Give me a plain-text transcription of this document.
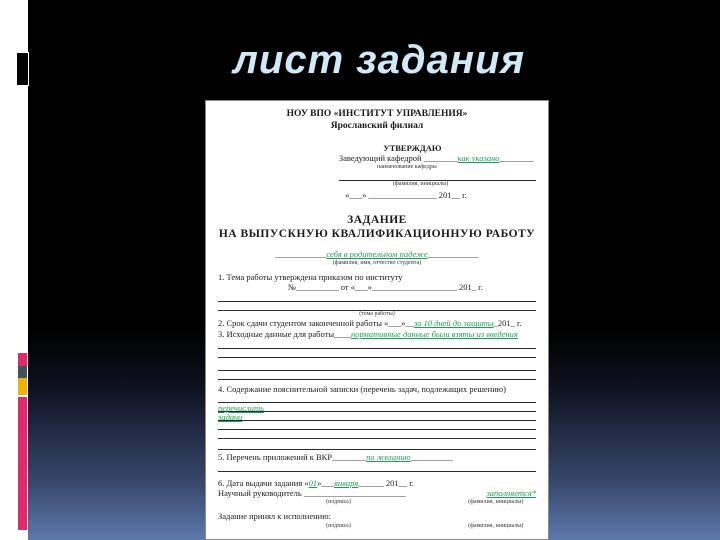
лист задания
НОУ ВПО «ИНСТИТУТ УПРАВЛЕНИЯ»
Ярославский филиал
УТВЕРЖДАЮ
Заведующий кафедрой ________как указано________
наименование кафедры
(фамилия, инициалы)
«___» ________________ 201__ г.
ЗАДАНИЕ
НА ВЫПУСКНУЮ КВАЛИФИКАЦИОННУЮ РАБОТУ
____________себя в родительном падеже____________
(фамилия, имя, отчество студента)
1. Тема работы утверждена приказом по институту
№__________ от «___»____________________ 201_ г.
(тема работы)
2. Срок сдачи студентом законченной работы «___»__за 10 дней до защиты_201_ г.
3. Исходные данные для работы____нормативные данные были взяты из введения
4. Содержание пояснительной записки (перечень задач, подлежащих решению)
перечислить
задачи
5. Перечень приложений к ВКР________по желанию__________
6. Дата выдачи задания «01»___января______ 201__ г.
Научный руководитель ________________________	заполняется*
(подпись)	(фамилия, инициалы)
Задание принял к исполнению:
(подпись)	(фамилия, инициалы)
